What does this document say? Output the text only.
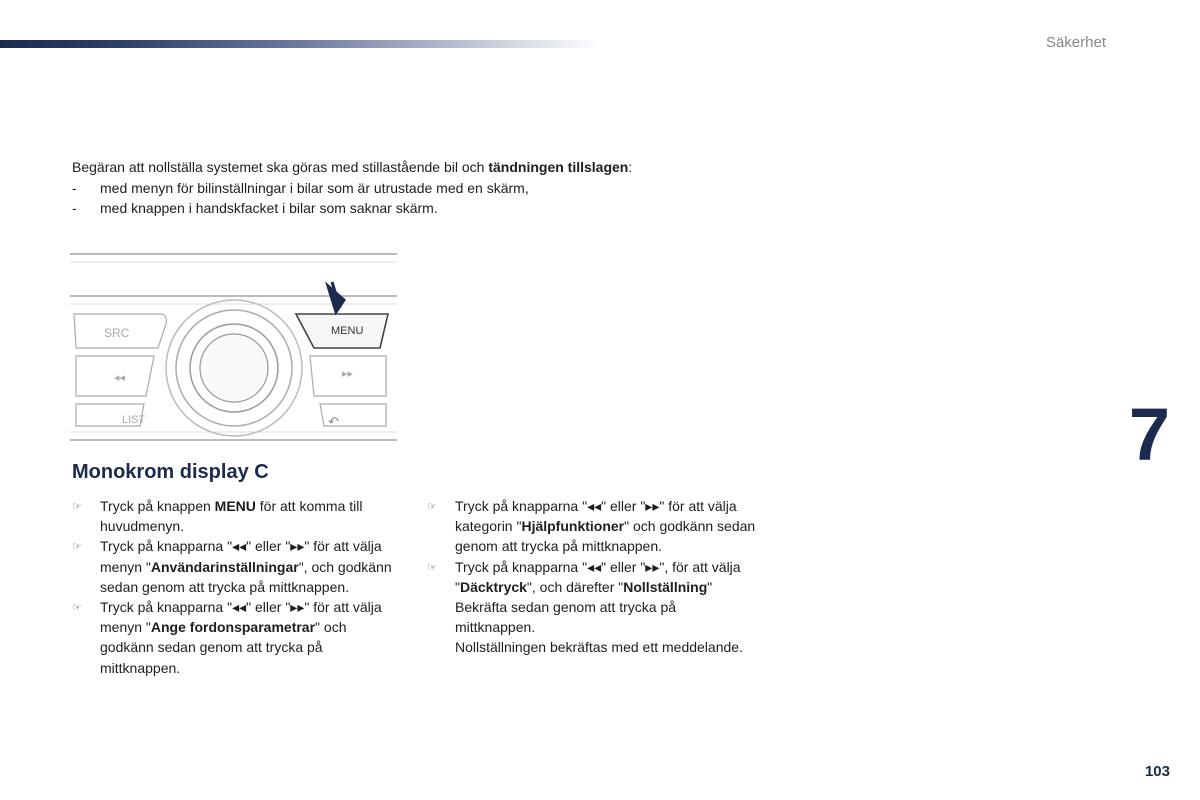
Säkerhet

Begäran att nollställa systemet ska göras med stillastående bil och tändningen tillslagen:

-	med menyn för bilinställningar i bilar som är utrustade med en skärm,
-	med knappen i handskfacket i bilar som saknar skärm.
SRC
◂◂
LIST
MENU
▸▸
↶
Monokrom display C
☞	Tryck på knappen MENU för att komma till huvudmenyn.
☞	Tryck på knapparna "◂◂" eller "▸▸" för att välja menyn "Användarinställningar", och godkänn sedan genom att trycka på mittknappen.
☞	Tryck på knapparna "◂◂" eller "▸▸" för att välja menyn "Ange fordonsparametrar" och godkänn sedan genom att trycka på mittknappen.
☞	Tryck på knapparna "◂◂" eller "▸▸" för att välja kategorin "Hjälpfunktioner" och godkänn sedan genom att trycka på mittknappen.
☞	Tryck på knapparna "◂◂" eller "▸▸", för att välja "Däcktryck", och därefter "Nollställning" Bekräfta sedan genom att trycka på mittknappen.
Nollställningen bekräftas med ett meddelande.
7
103
